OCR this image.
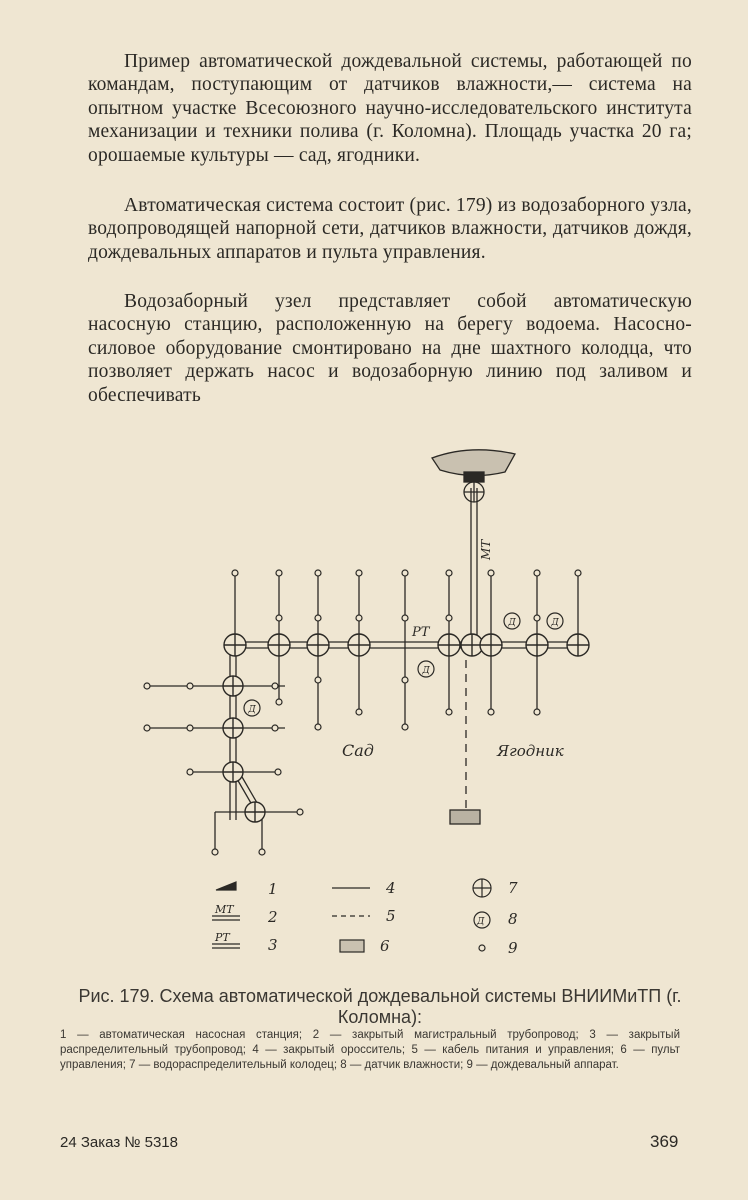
Пример автоматической дождевальной системы, работающей по командам, поступающим от датчиков влажности,— система на опытном участке Всесоюзного научно-исследовательского института механизации и техники полива (г. Коломна). Площадь участка 20 га; орошаемые культуры — сад, ягодники.

Автоматическая система состоит (рис. 179) из водозаборного узла, водопроводящей напорной сети, датчиков влажности, датчиков дождя, дождевальных аппаратов и пульта управления.

Водозаборный узел представляет собой автоматическую насосную станцию, расположенную на берегу водоема. Насосно-силовое оборудование смонтировано на дне шахтного колодца, что позволяет держать насос и водозаборную линию под заливом и обеспечивать

Д	Д
Д
Д
МТ
РТ
Сад	Ягодник
1
МТ 2
РТ	3
4
5
6
Д
7
8
9
Рис. 179. Схема автоматической дождевальной системы ВНИИМиТП (г. Коломна):
1 — автоматическая насосная станция; 2 — закрытый магистральный трубопровод; 3 — закрытый распределительный трубопровод; 4 — закрытый оросситель; 5 — кабель питания и управления; 6 — пульт управления; 7 — водораспределительный колодец; 8 — датчик влажности; 9 — дождевальный аппарат.
24 Заказ № 5318	369
